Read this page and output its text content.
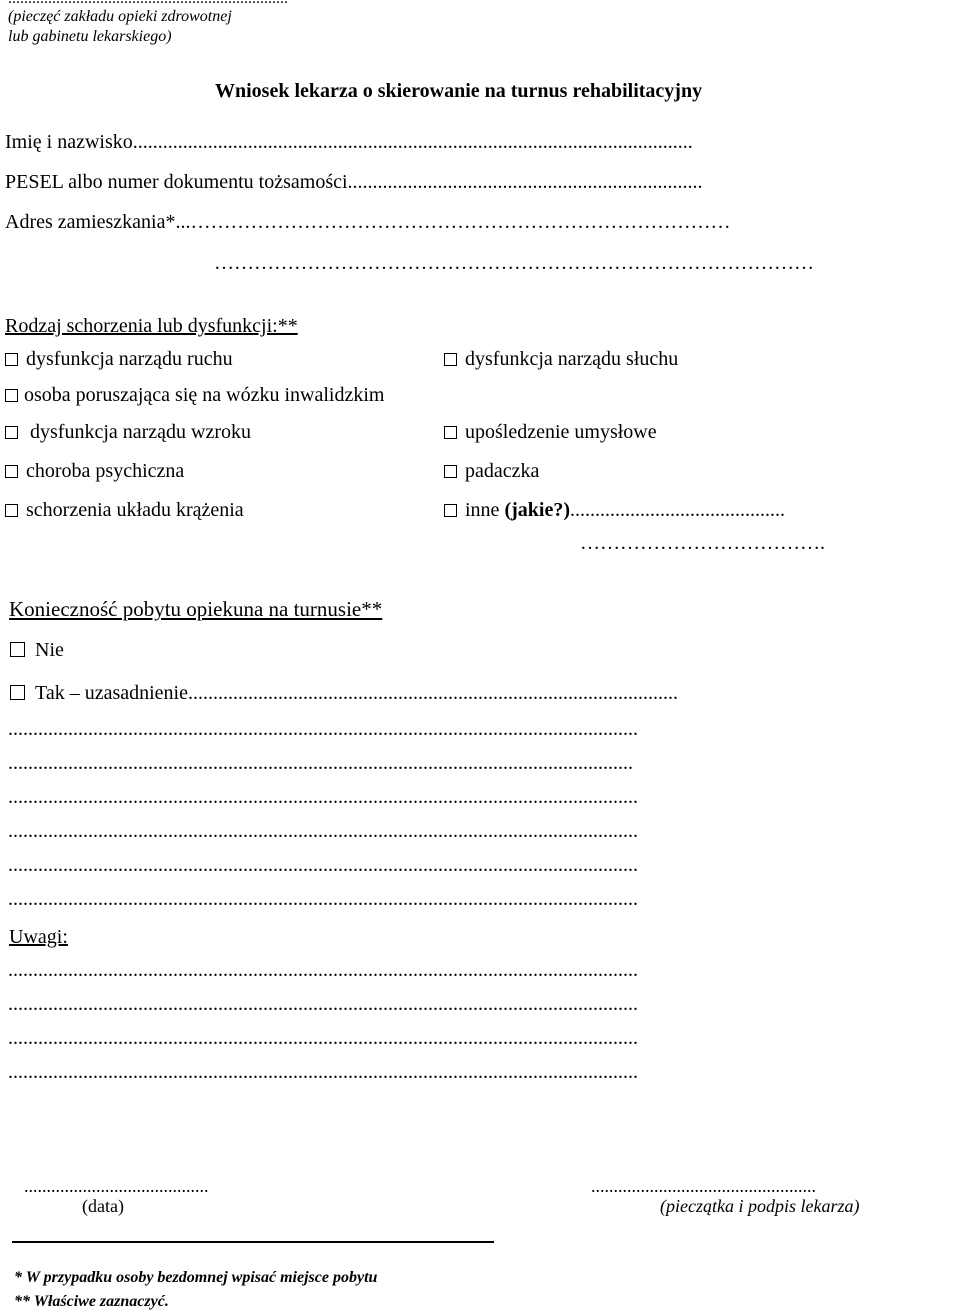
(pieczęć zakładu opieki zdrowotnej
lub gabinetu lekarskiego)
Wniosek lekarza o skierowanie na turnus rehabilitacyjny
Imię i nazwisko................................................................................................................
PESEL albo numer dokumentu tożsamości.......................................................................
Adres zamieszkania*...………………………………………………………………………
………………………………………………………………………………
Rodzaj schorzenia lub dysfunkcji:**
dysfunkcja narządu ruchu
osoba poruszająca się na wózku inwalidzkim
dysfunkcja narządu wzroku
choroba psychiczna
schorzenia układu krążenia
dysfunkcja narządu słuchu
upośledzenie umysłowe
padaczka
inne (jakie?)...........................................
……………………………….
Konieczność pobytu opiekuna na turnusie**
Nie
Tak – uzasadnienie..................................................................................................
..............................................................................................................................
.............................................................................................................................
..............................................................................................................................
..............................................................................................................................
..............................................................................................................................
..............................................................................................................................
Uwagi:
..............................................................................................................................
..............................................................................................................................
..............................................................................................................................
..............................................................................................................................
.........................................
(data)
..................................................
(pieczątka i podpis lekarza)
* W przypadku osoby bezdomnej wpisać miejsce pobytu
** Właściwe zaznaczyć.
